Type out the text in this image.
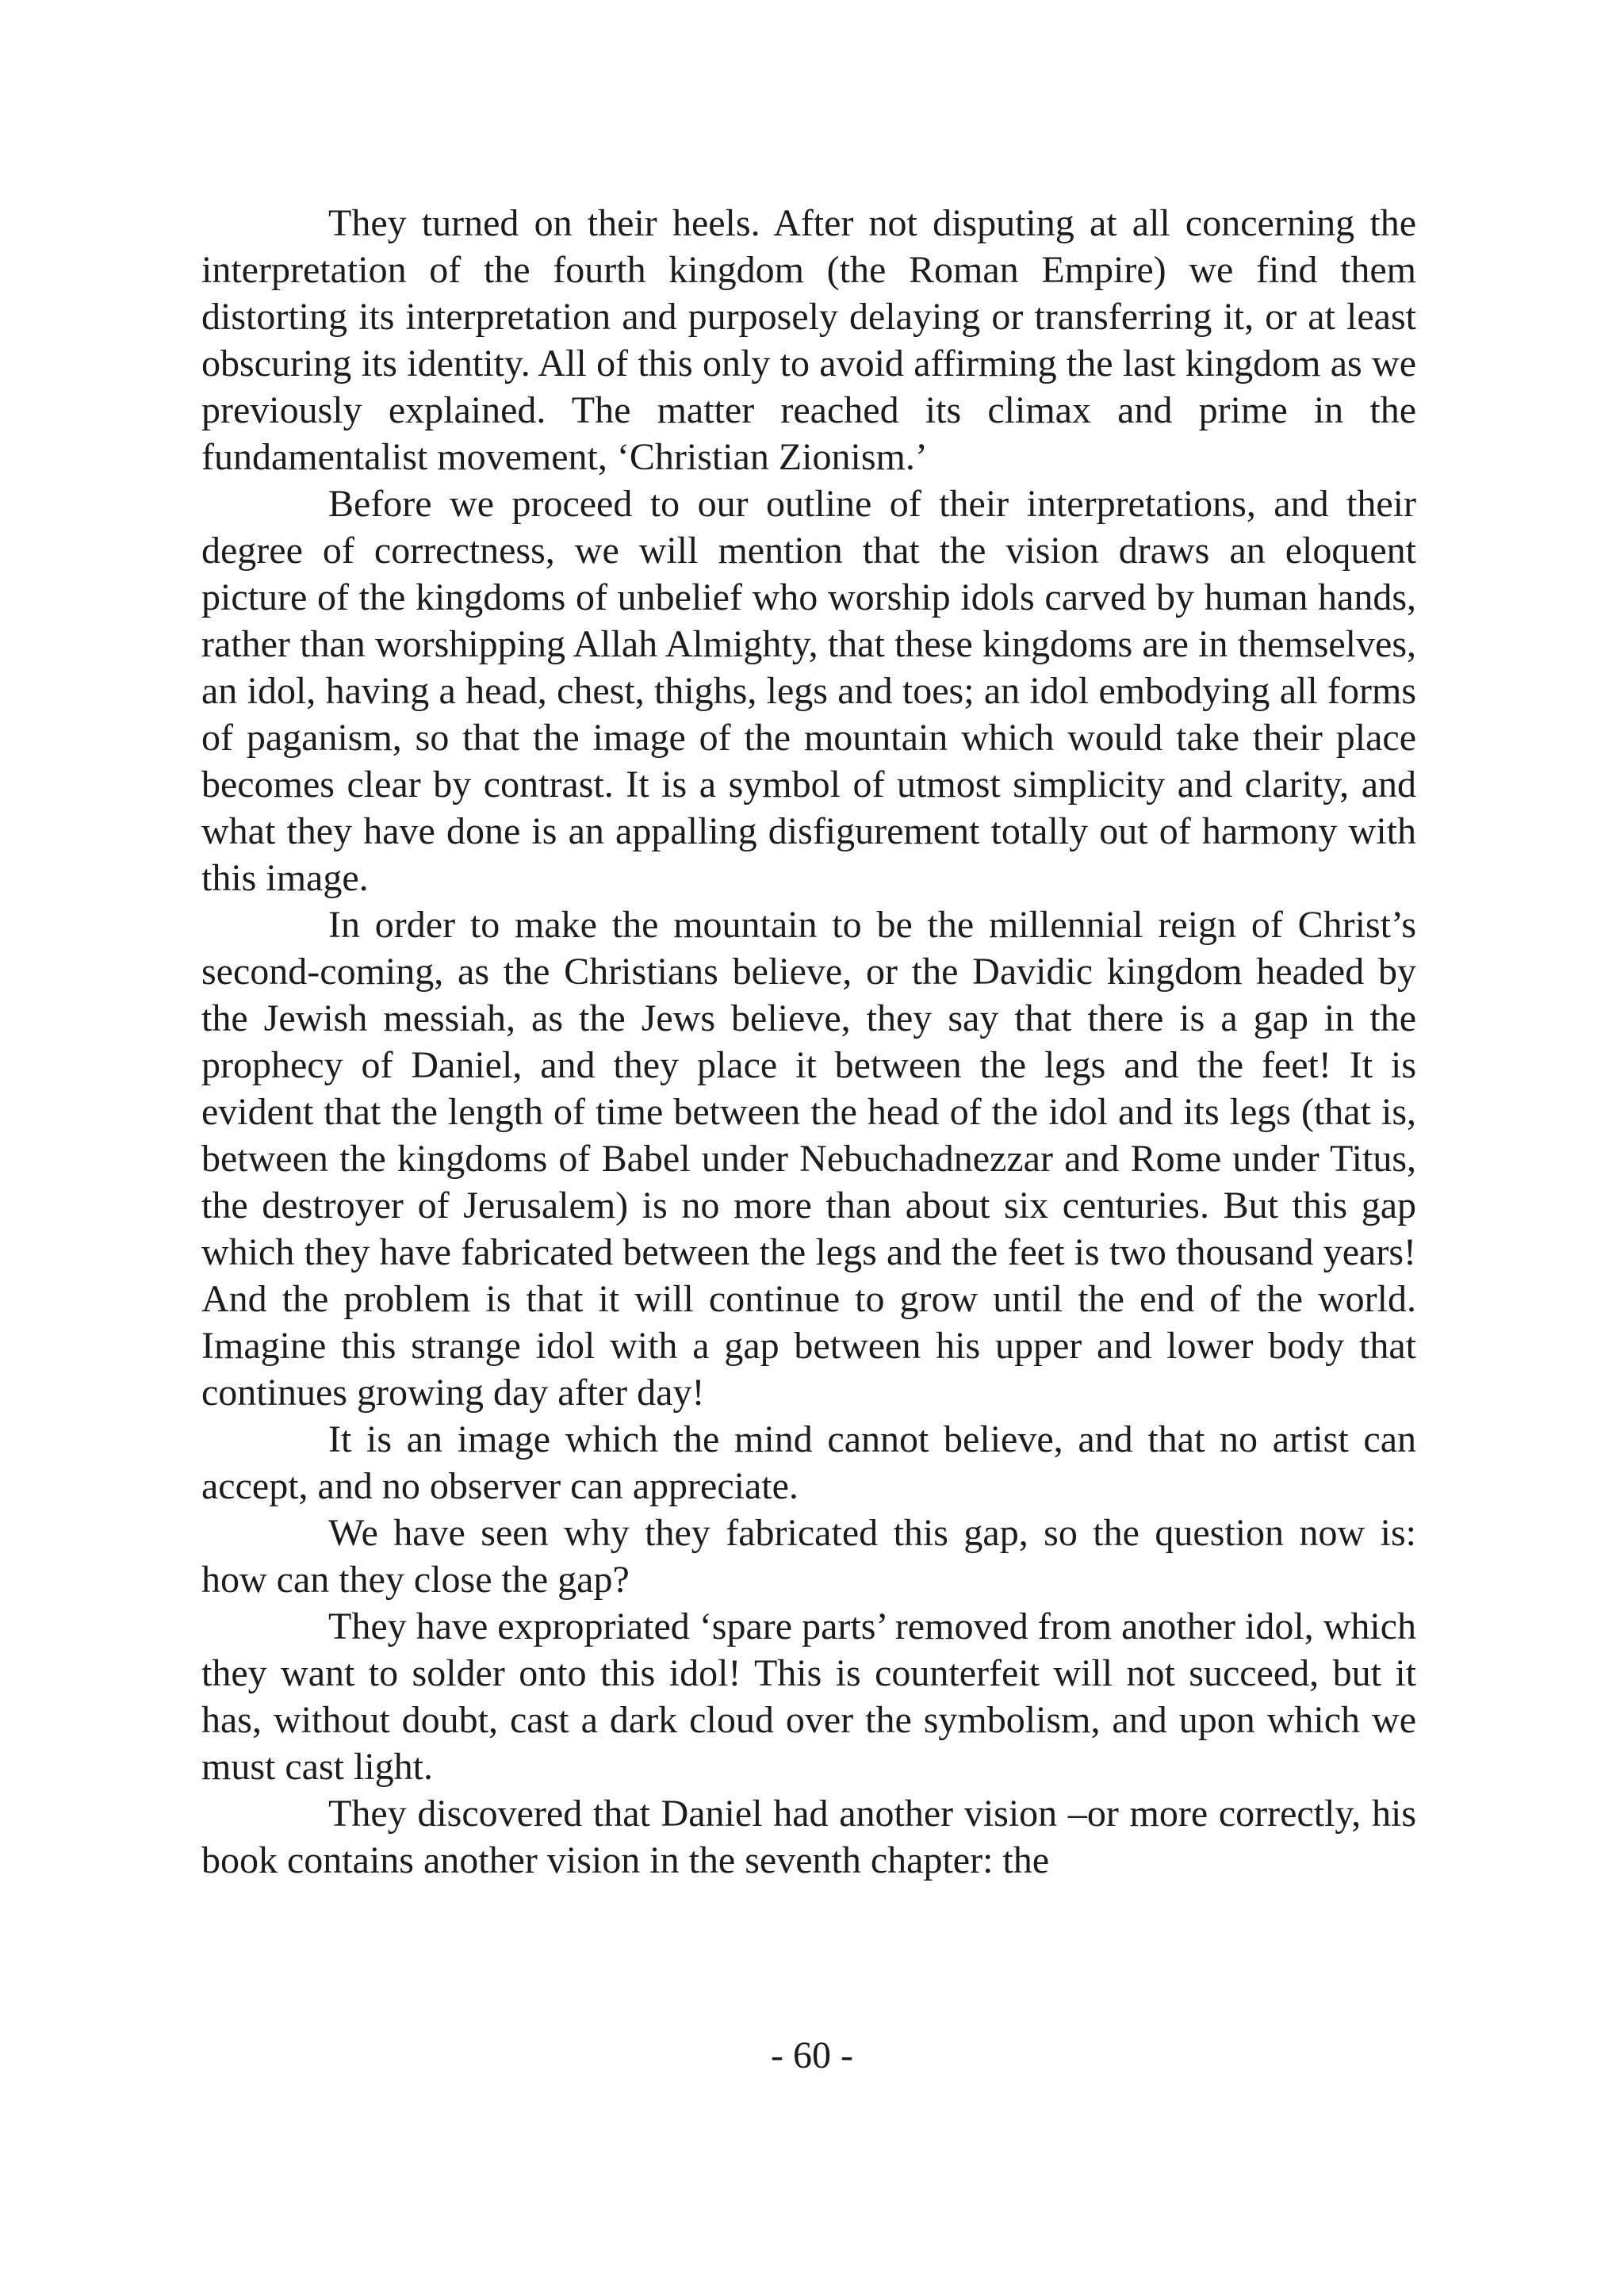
They turned on their heels. After not disputing at all concerning the interpretation of the fourth kingdom (the Roman Empire) we find them distorting its interpretation and purposely delaying or transferring it, or at least obscuring its identity. All of this only to avoid affirming the last kingdom as we previously explained. The matter reached its climax and prime in the fundamentalist movement, ‘Christian Zionism.’

Before we proceed to our outline of their interpretations, and their degree of correctness, we will mention that the vision draws an eloquent picture of the kingdoms of unbelief who worship idols carved by human hands, rather than worshipping Allah Almighty, that these kingdoms are in themselves, an idol, having a head, chest, thighs, legs and toes; an idol embodying all forms of paganism, so that the image of the mountain which would take their place becomes clear by contrast. It is a symbol of utmost simplicity and clarity, and what they have done is an appalling disfigurement totally out of harmony with this image.

In order to make the mountain to be the millennial reign of Christ’s second-coming, as the Christians believe, or the Davidic kingdom headed by the Jewish messiah, as the Jews believe, they say that there is a gap in the prophecy of Daniel, and they place it between the legs and the feet! It is evident that the length of time between the head of the idol and its legs (that is, between the kingdoms of Babel under Nebuchadnezzar and Rome under Titus, the destroyer of Jerusalem) is no more than about six centuries. But this gap which they have fabricated between the legs and the feet is two thousand years! And the problem is that it will continue to grow until the end of the world. Imagine this strange idol with a gap between his upper and lower body that continues growing day after day!

It is an image which the mind cannot believe, and that no artist can accept, and no observer can appreciate.

We have seen why they fabricated this gap, so the question now is: how can they close the gap?

They have expropriated ‘spare parts’ removed from another idol, which they want to solder onto this idol! This is counterfeit will not succeed, but it has, without doubt, cast a dark cloud over the symbolism, and upon which we must cast light.

They discovered that Daniel had another vision –or more correctly, his book contains another vision in the seventh chapter: the

- 60 -
